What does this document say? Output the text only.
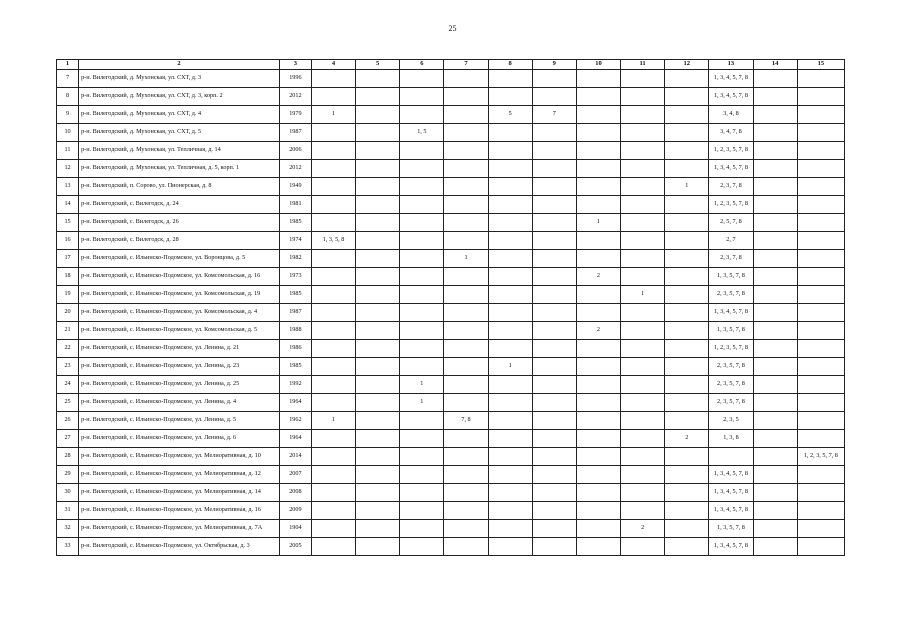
25
1	2	3	4	5	6	7	8	9	10	11	12	13	14	15
7	р-н. Вилегодский, д. Мухонская, ул. СХТ, д. 3	1996										1, 3, 4, 5, 7, 8		
8	р-н. Вилегодский, д. Мухонская, ул. СХТ, д. 3, корп. 2	2012										1, 3, 4, 5, 7, 8		
9	р-н. Вилегодский, д. Мухонская, ул. СХТ, д. 4	1979	1				5	7				3, 4, 8		
10	р-н. Вилегодский, д. Мухонская, ул. СХТ, д. 5	1987			1, 5							3, 4, 7, 8		
11	р-н. Вилегодский, д. Мухонская, ул. Тепличная, д. 14	2006										1, 2, 3, 5, 7, 8		
12	р-н. Вилегодский, д. Мухонская, ул. Тепличная, д. 5, корп. 1	2012										1, 3, 4, 5, 7, 8		
13	р-н. Вилегодский, п. Сорово, ул. Пионерская, д. 8	1949									1	2, 3, 7, 8		
14	р-н. Вилегодский, с. Вилегодск, д. 24	1981										1, 2, 3, 5, 7, 8		
15	р-н. Вилегодский, с. Вилегодск, д. 26	1985							1			2, 5, 7, 8		
16	р-н. Вилегодский, с. Вилегодск, д. 28	1974	1, 3, 5, 8									2, 7		
17	р-н. Вилегодский, с. Ильинско-Подомское, ул. Воронцова, д. 5	1982				1						2, 3, 7, 8		
18	р-н. Вилегодский, с. Ильинско-Подомское, ул. Комсомольская, д. 16	1973							2			1, 3, 5, 7, 8		
19	р-н. Вилегодский, с. Ильинско-Подомское, ул. Комсомольская, д. 19	1985								1		2, 3, 5, 7, 8		
20	р-н. Вилегодский, с. Ильинско-Подомское, ул. Комсомольская, д. 4	1987										1, 3, 4, 5, 7, 8		
21	р-н. Вилегодский, с. Ильинско-Подомское, ул. Комсомольская, д. 5	1988							2			1, 3, 5, 7, 8		
22	р-н. Вилегодский, с. Ильинско-Подомское, ул. Ленина, д. 21	1986										1, 2, 3, 5, 7, 8		
23	р-н. Вилегодский, с. Ильинско-Подомское, ул. Ленина, д. 23	1985					1					2, 3, 5, 7, 8		
24	р-н. Вилегодский, с. Ильинско-Подомское, ул. Ленина, д. 25	1992			1							2, 3, 5, 7, 8		
25	р-н. Вилегодский, с. Ильинско-Подомское, ул. Ленина, д. 4	1964			1							2, 3, 5, 7, 8		
26	р-н. Вилегодский, с. Ильинско-Подомское, ул. Ленина, д. 5	1962	1			7, 8						2, 3, 5		
27	р-н. Вилегодский, с. Ильинско-Подомское, ул. Ленина, д. 6	1964									2	1, 3, 8		
28	р-н. Вилегодский, с. Ильинско-Подомское, ул. Мелиоративная, д. 10	2014												1, 2, 3, 5, 7, 8
29	р-н. Вилегодский, с. Ильинско-Подомское, ул. Мелиоративная, д. 12	2007										1, 3, 4, 5, 7, 8		
30	р-н. Вилегодский, с. Ильинско-Подомское, ул. Мелиоративная, д. 14	2008										1, 3, 4, 5, 7, 8		
31	р-н. Вилегодский, с. Ильинско-Подомское, ул. Мелиоративная, д. 16	2009										1, 3, 4, 5, 7, 8		
32	р-н. Вилегодский, с. Ильинско-Подомское, ул. Мелиоративная, д. 7А	1904								2		1, 3, 5, 7, 8		
33	р-н. Вилегодский, с. Ильинско-Подомское, ул. Октябрьская, д. 3	2005										1, 3, 4, 5, 7, 8		
